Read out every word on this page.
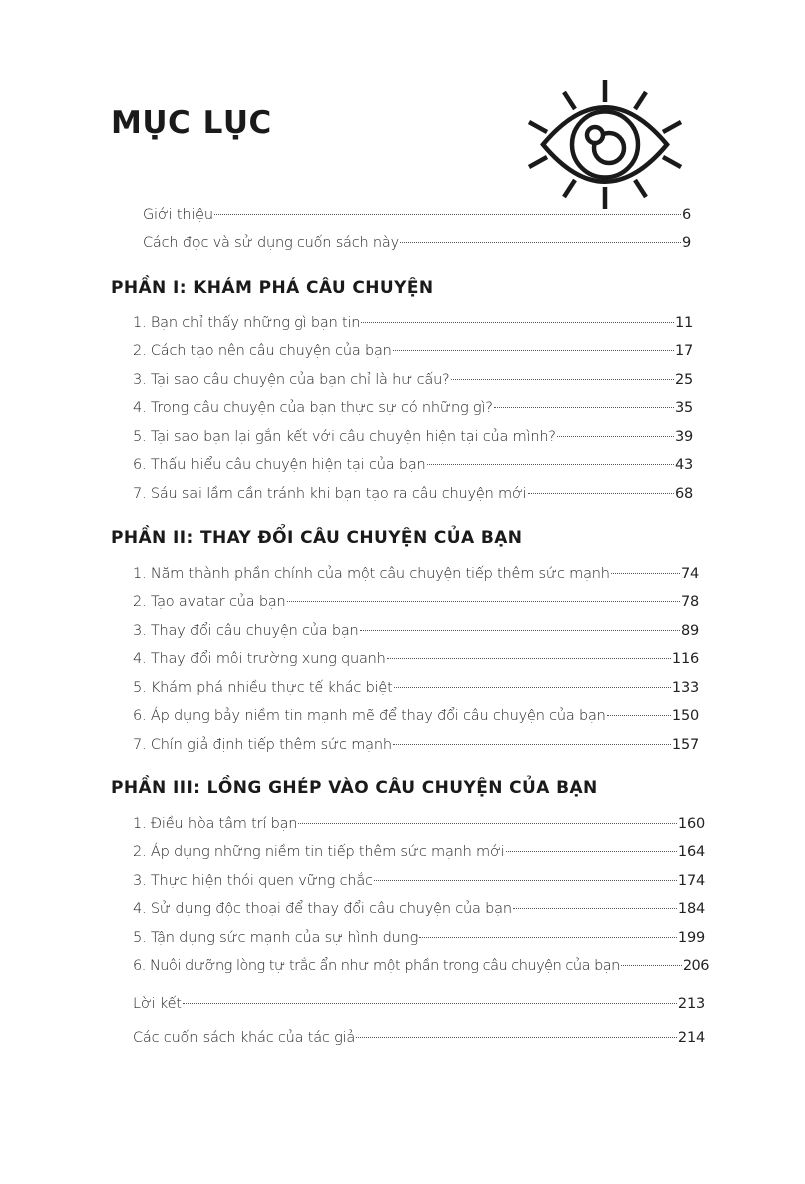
MỤC LỤC
Giới thiệu	6
Cách đọc và sử dụng cuốn sách này	9
PHẦN I: KHÁM PHÁ CÂU CHUYỆN
1. Bạn chỉ thấy những gì bạn tin	11
2. Cách tạo nên câu chuyện của bạn	17
3. Tại sao câu chuyện của bạn chỉ là hư cấu?	25
4. Trong câu chuyện của bạn thực sự có những gì?	35
5. Tại sao bạn lại gắn kết với câu chuyện hiện tại của mình?	39
6. Thấu hiểu câu chuyện hiện tại của bạn	43
7. Sáu sai lầm cần tránh khi bạn tạo ra câu chuyện mới	68
PHẦN II: THAY ĐỔI CÂU CHUYỆN CỦA BẠN
1. Năm thành phần chính của một câu chuyện tiếp thêm sức mạnh	74
2. Tạo avatar của bạn	78
3. Thay đổi câu chuyện của bạn	89
4. Thay đổi môi trường xung quanh	116
5. Khám phá nhiều thực tế khác biệt	133
6. Áp dụng bảy niềm tin mạnh mẽ để thay đổi câu chuyện của bạn	150
7. Chín giả định tiếp thêm sức mạnh	157
PHẦN III: LỒNG GHÉP VÀO CÂU CHUYỆN CỦA BẠN
1. Điều hòa tâm trí bạn	160
2. Áp dụng những niềm tin tiếp thêm sức mạnh mới	164
3. Thực hiện thói quen vững chắc	174
4. Sử dụng độc thoại để thay đổi câu chuyện của bạn	184
5. Tận dụng sức mạnh của sự hình dung	199
6. Nuôi dưỡng lòng tự trắc ẩn như một phần trong câu chuyện của bạn	206
Lời kết	213
Các cuốn sách khác của tác giả	214
